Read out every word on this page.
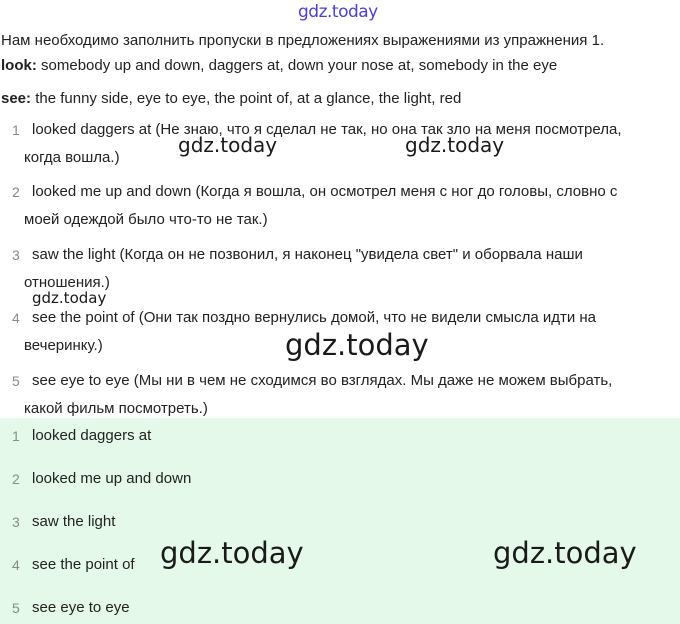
gdz.today
Нам необходимо заполнить пропуски в предложениях выражениями из упражнения 1.
look: somebody up and down, daggers at, down your nose at, somebody in the eye
see: the funny side, eye to eye, the point of, at a glance, the light, red
1 looked daggers at (Не знаю, что я сделал не так, но она так зло на меня посмотрела,
когда вошла.)
2 looked me up and down (Когда я вошла, он осмотрел меня с ног до головы, словно с
моей одеждой было что-то не так.)
3 saw the light (Когда он не позвонил, я наконец "увидела свет" и оборвала наши
отношения.)
4 see the point of (Они так поздно вернулись домой, что не видели смысла идти на
вечеринку.)
5 see eye to eye (Мы ни в чем не сходимся во взглядах. Мы даже не можем выбрать,
какой фильм посмотреть.)
1 looked daggers at
2 looked me up and down
3 saw the light
4 see the point of
5 see eye to eye
gdz.today	gdz.today
gdz.today
gdz.today
gdz.today	gdz.today
